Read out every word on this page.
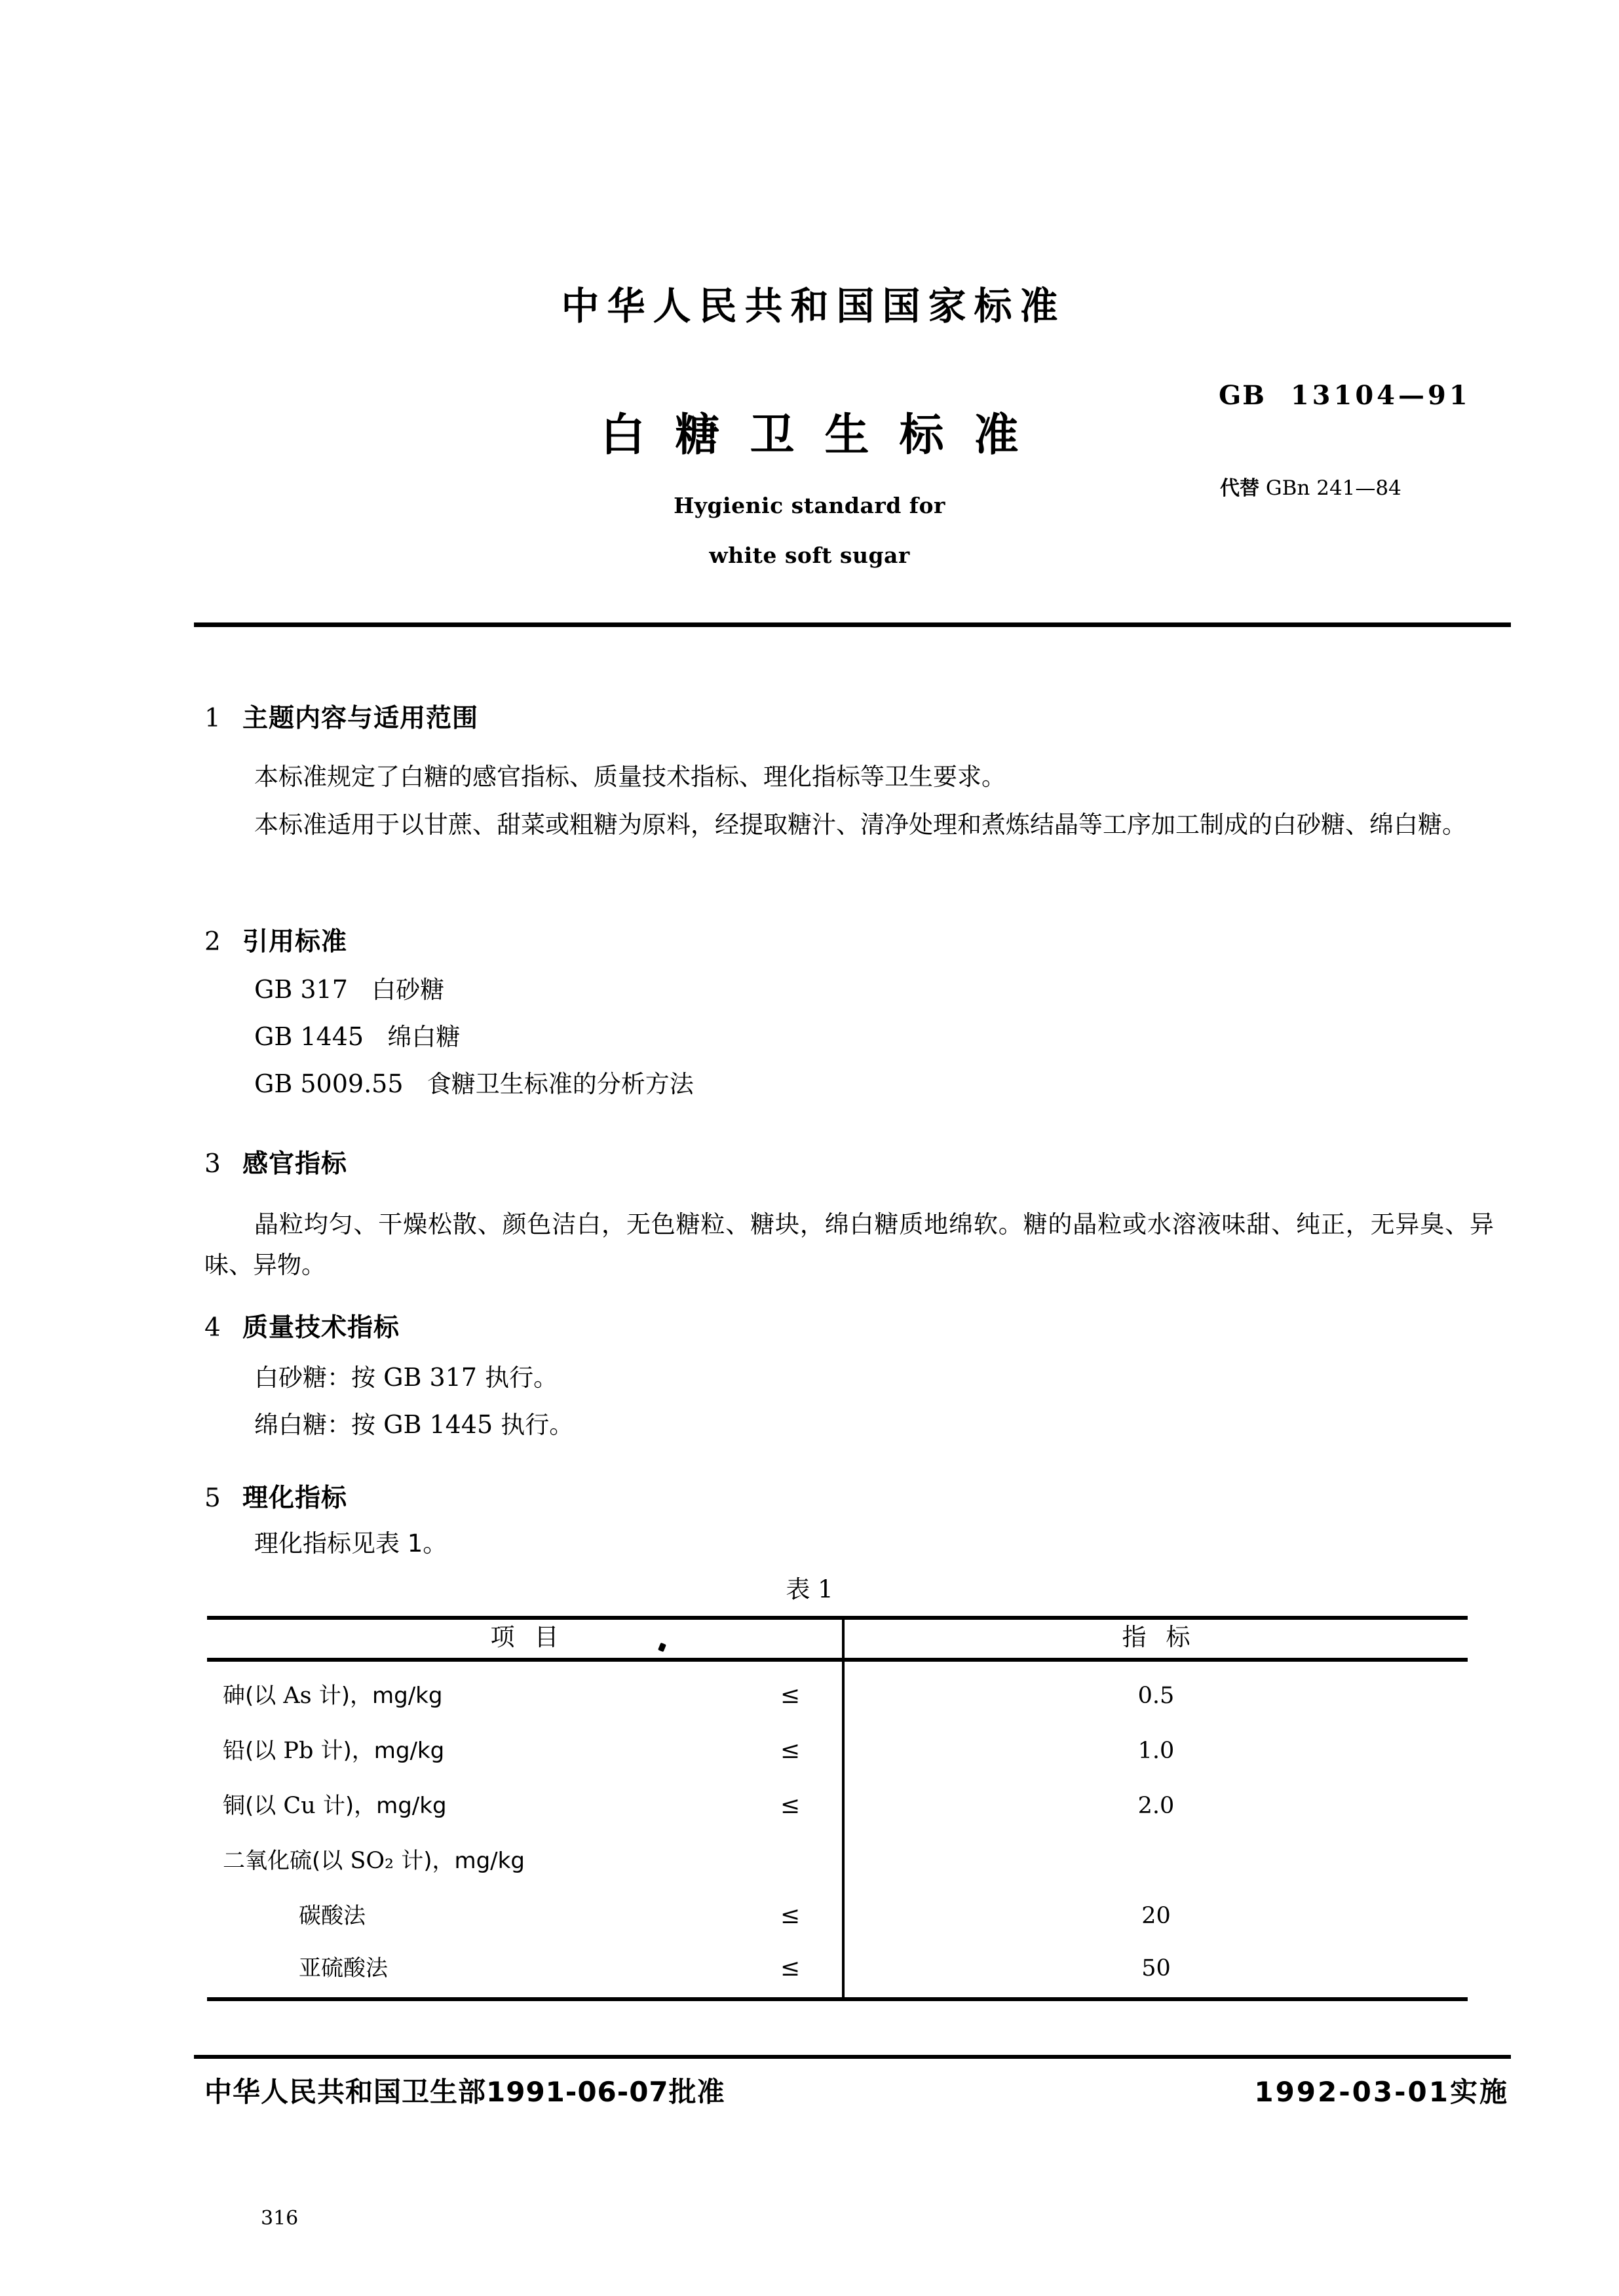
中华人民共和国国家标准
白糖卫生标准
Hygienic standard for
white soft sugar
GB 13104—91
代替 GBn 241—84
1 主题内容与适用范围
本标准规定了白糖的感官指标、质量技术指标、理化指标等卫生要求。
本标准适用于以甘蔗、甜菜或粗糖为原料，经提取糖汁、清净处理和煮炼结晶等工序加工制成的白砂糖、绵白糖。
2 引用标准
GB 317 白砂糖
GB 1445 绵白糖
GB 5009.55 食糖卫生标准的分析方法
3 感官指标
晶粒均匀、干燥松散、颜色洁白，无色糖粒、糖块，绵白糖质地绵软。糖的晶粒或水溶液味甜、纯正，无异臭、异味、异物。
4 质量技术指标
白砂糖：按 GB 317 执行。
绵白糖：按 GB 1445 执行。
5 理化指标
理化指标见表 1。
表 1
项目	指标
砷(以 As 计)，mg/kg	≤	0.5
铅(以 Pb 计)，mg/kg	≤	1.0
铜(以 Cu 计)，mg/kg	≤	2.0
二氧化硫(以 SO₂ 计)，mg/kg
碳酸法	≤	20
亚硫酸法	≤	50
中华人民共和国卫生部1991-06-07批准	1992-03-01实施
316
